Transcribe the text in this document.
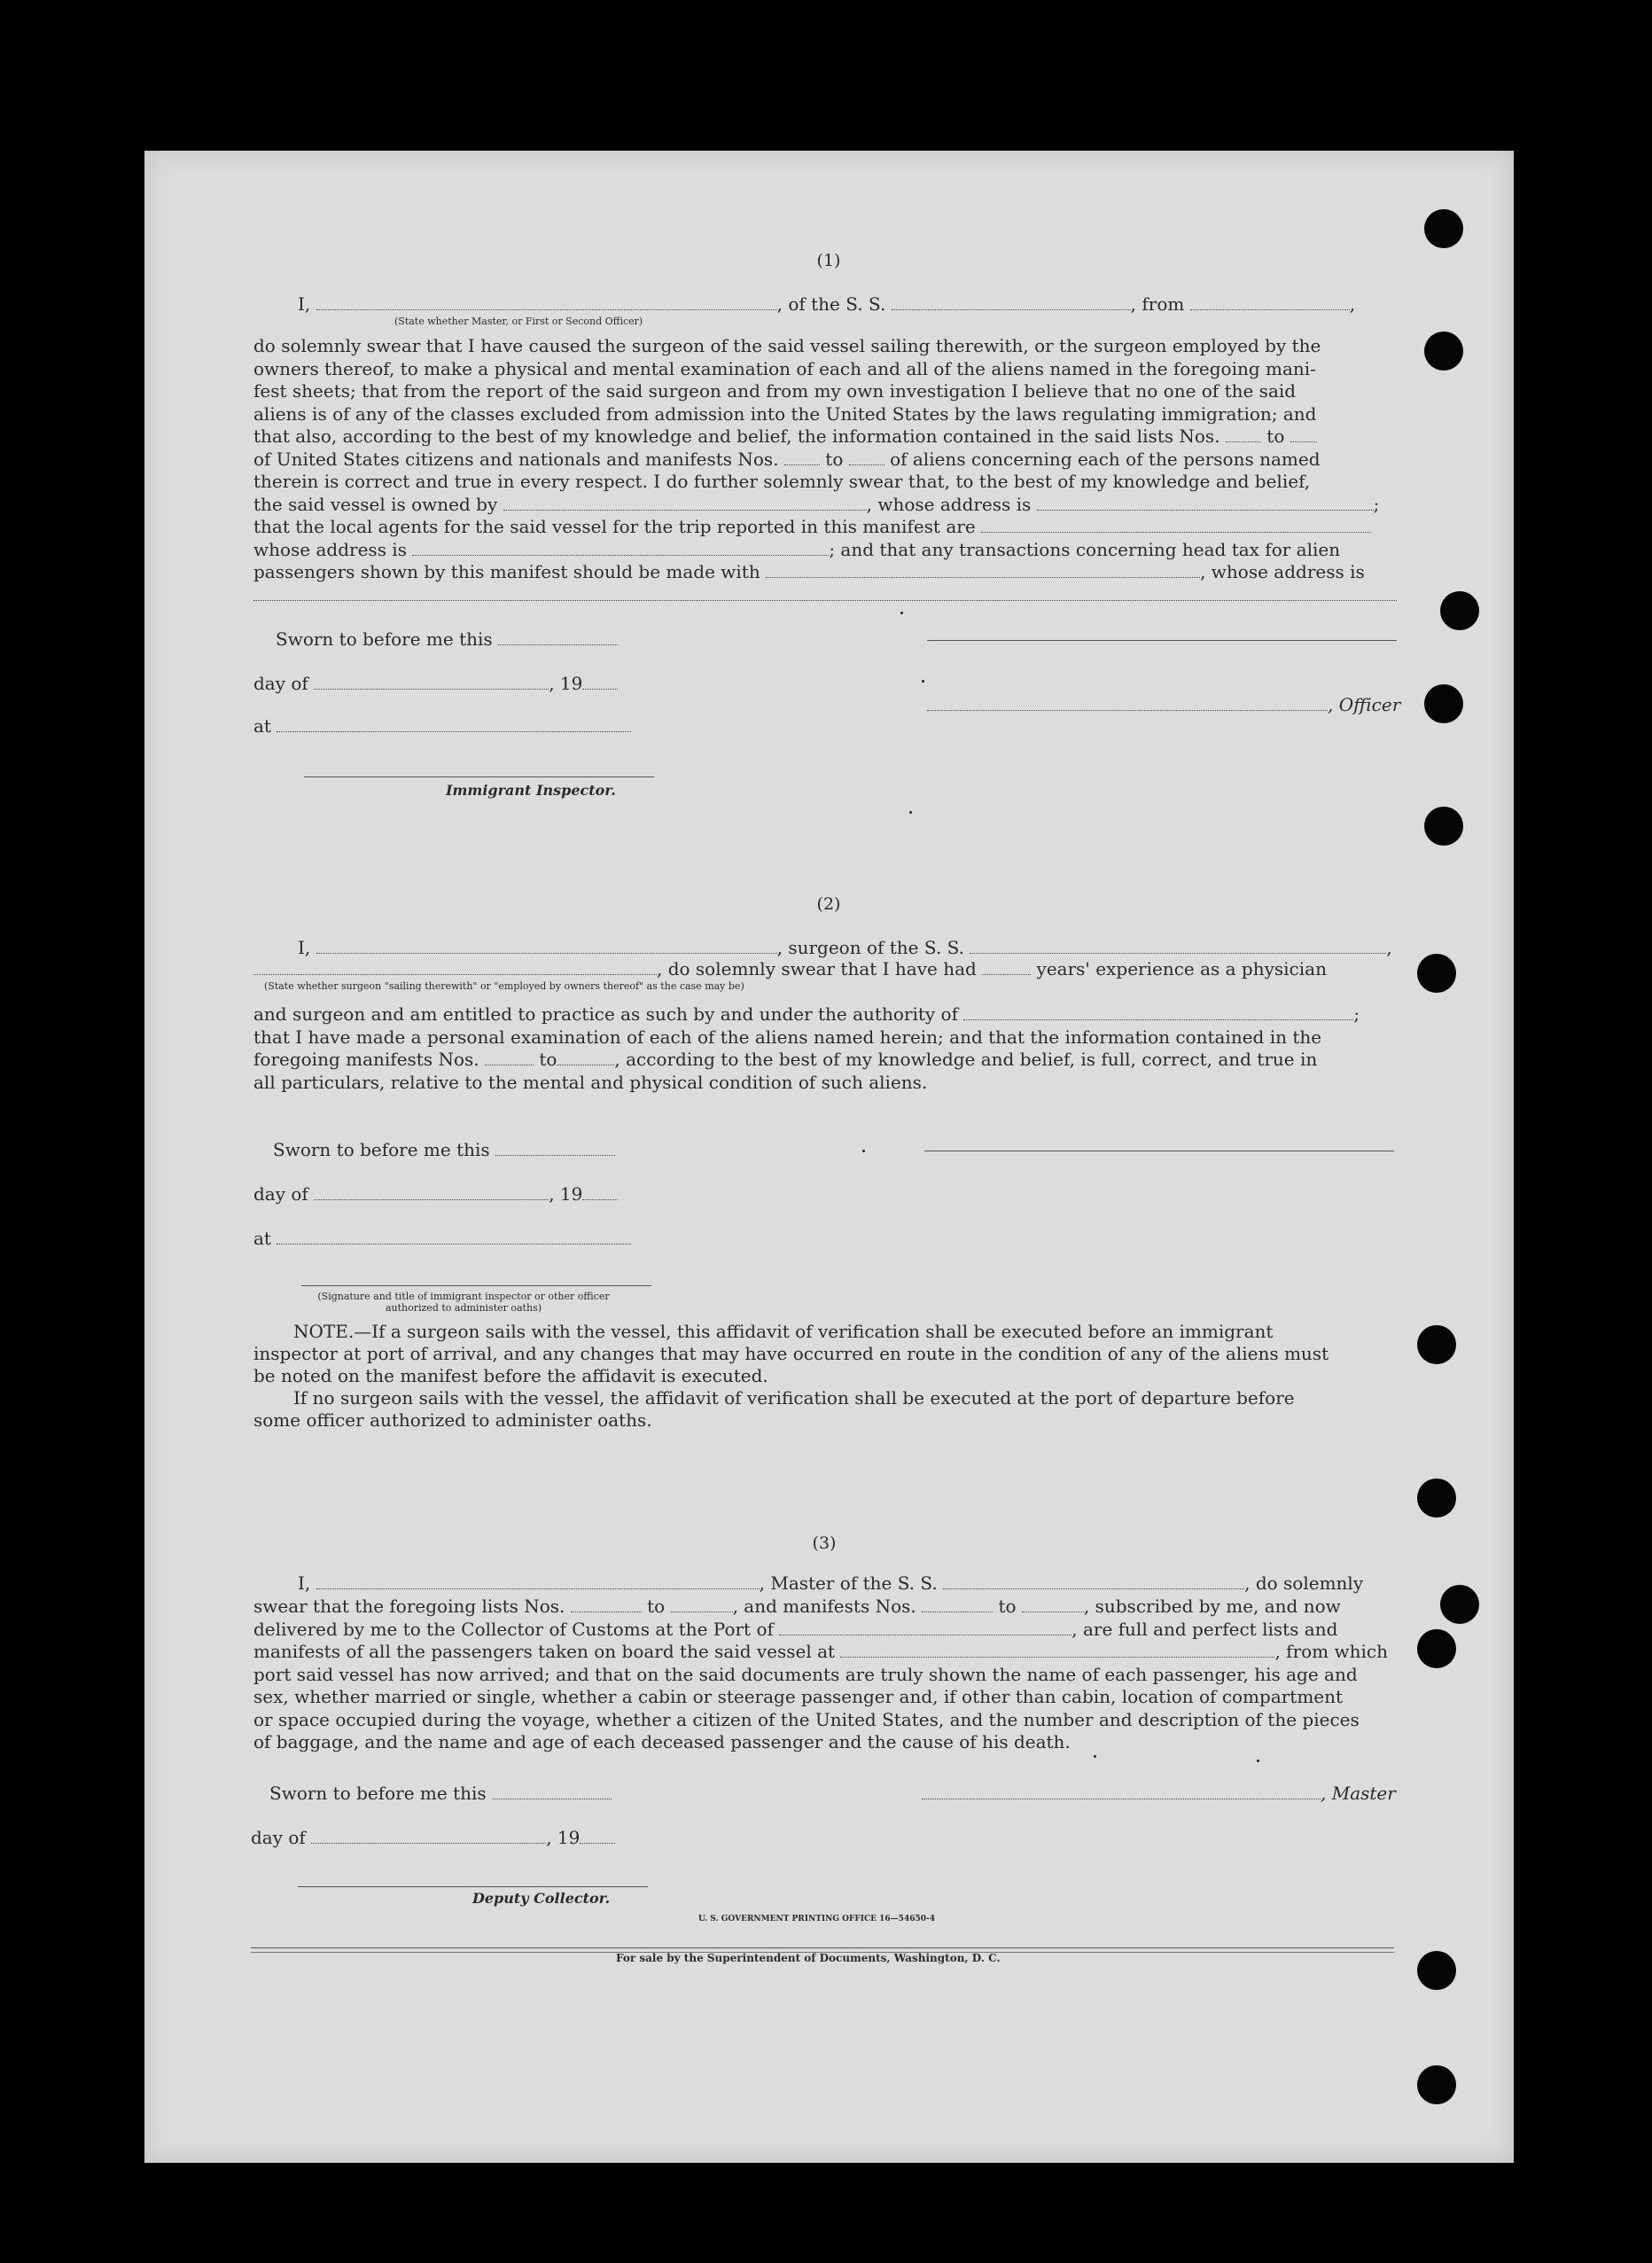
(1)
I,	, of the S. S.	, from	,
(State whether Master, or First or Second Officer)
do solemnly swear that I have caused the surgeon of the said vessel sailing therewith, or the surgeon employed by the
owners thereof, to make a physical and mental examination of each and all of the aliens named in the foregoing mani-
fest sheets; that from the report of the said surgeon and from my own investigation I believe that no one of the said
aliens is of any of the classes excluded from admission into the United States by the laws regulating immigration; and
that also, according to the best of my knowledge and belief, the information contained in the said lists Nos.	to
of United States citizens and nationals and manifests Nos.	to	of aliens concerning each of the persons named
therein is correct and true in every respect. I do further solemnly swear that, to the best of my knowledge and belief,
the said vessel is owned by	, whose address is	;
that the local agents for the said vessel for the trip reported in this manifest are
whose address is	; and that any transactions concerning head tax for alien
passengers shown by this manifest should be made with	, whose address is
Sworn to before me this
day of	, 19
, Officer
at
Immigrant Inspector.
(2)
I,	, surgeon of the S. S.	,
, do solemnly swear that I have had	years' experience as a physician
(State whether surgeon "sailing therewith" or "employed by owners thereof" as the case may be)
and surgeon and am entitled to practice as such by and under the authority of	;
that I have made a personal examination of each of the aliens named herein; and that the information contained in the
foregoing manifests Nos.	to	, according to the best of my knowledge and belief, is full, correct, and true in
all particulars, relative to the mental and physical condition of such aliens.
Sworn to before me this
day of	, 19
at
(Signature and title of immigrant inspector or other officer authorized to administer oaths)
NOTE.—If a surgeon sails with the vessel, this affidavit of verification shall be executed before an immigrant
inspector at port of arrival, and any changes that may have occurred en route in the condition of any of the aliens must
be noted on the manifest before the affidavit is executed.
If no surgeon sails with the vessel, the affidavit of verification shall be executed at the port of departure before
some officer authorized to administer oaths.
(3)
I,	, Master of the S. S.	, do solemnly
swear that the foregoing lists Nos.	to	, and manifests Nos.	to	, subscribed by me, and now
delivered by me to the Collector of Customs at the Port of	, are full and perfect lists and
manifests of all the passengers taken on board the said vessel at	, from which
port said vessel has now arrived; and that on the said documents are truly shown the name of each passenger, his age and
sex, whether married or single, whether a cabin or steerage passenger and, if other than cabin, location of compartment
or space occupied during the voyage, whether a citizen of the United States, and the number and description of the pieces
of baggage, and the name and age of each deceased passenger and the cause of his death.
Sworn to before me this	, Master
day of	, 19
Deputy Collector.
U. S. GOVERNMENT PRINTING OFFICE 16—54650-4
For sale by the Superintendent of Documents, Washington, D. C.
